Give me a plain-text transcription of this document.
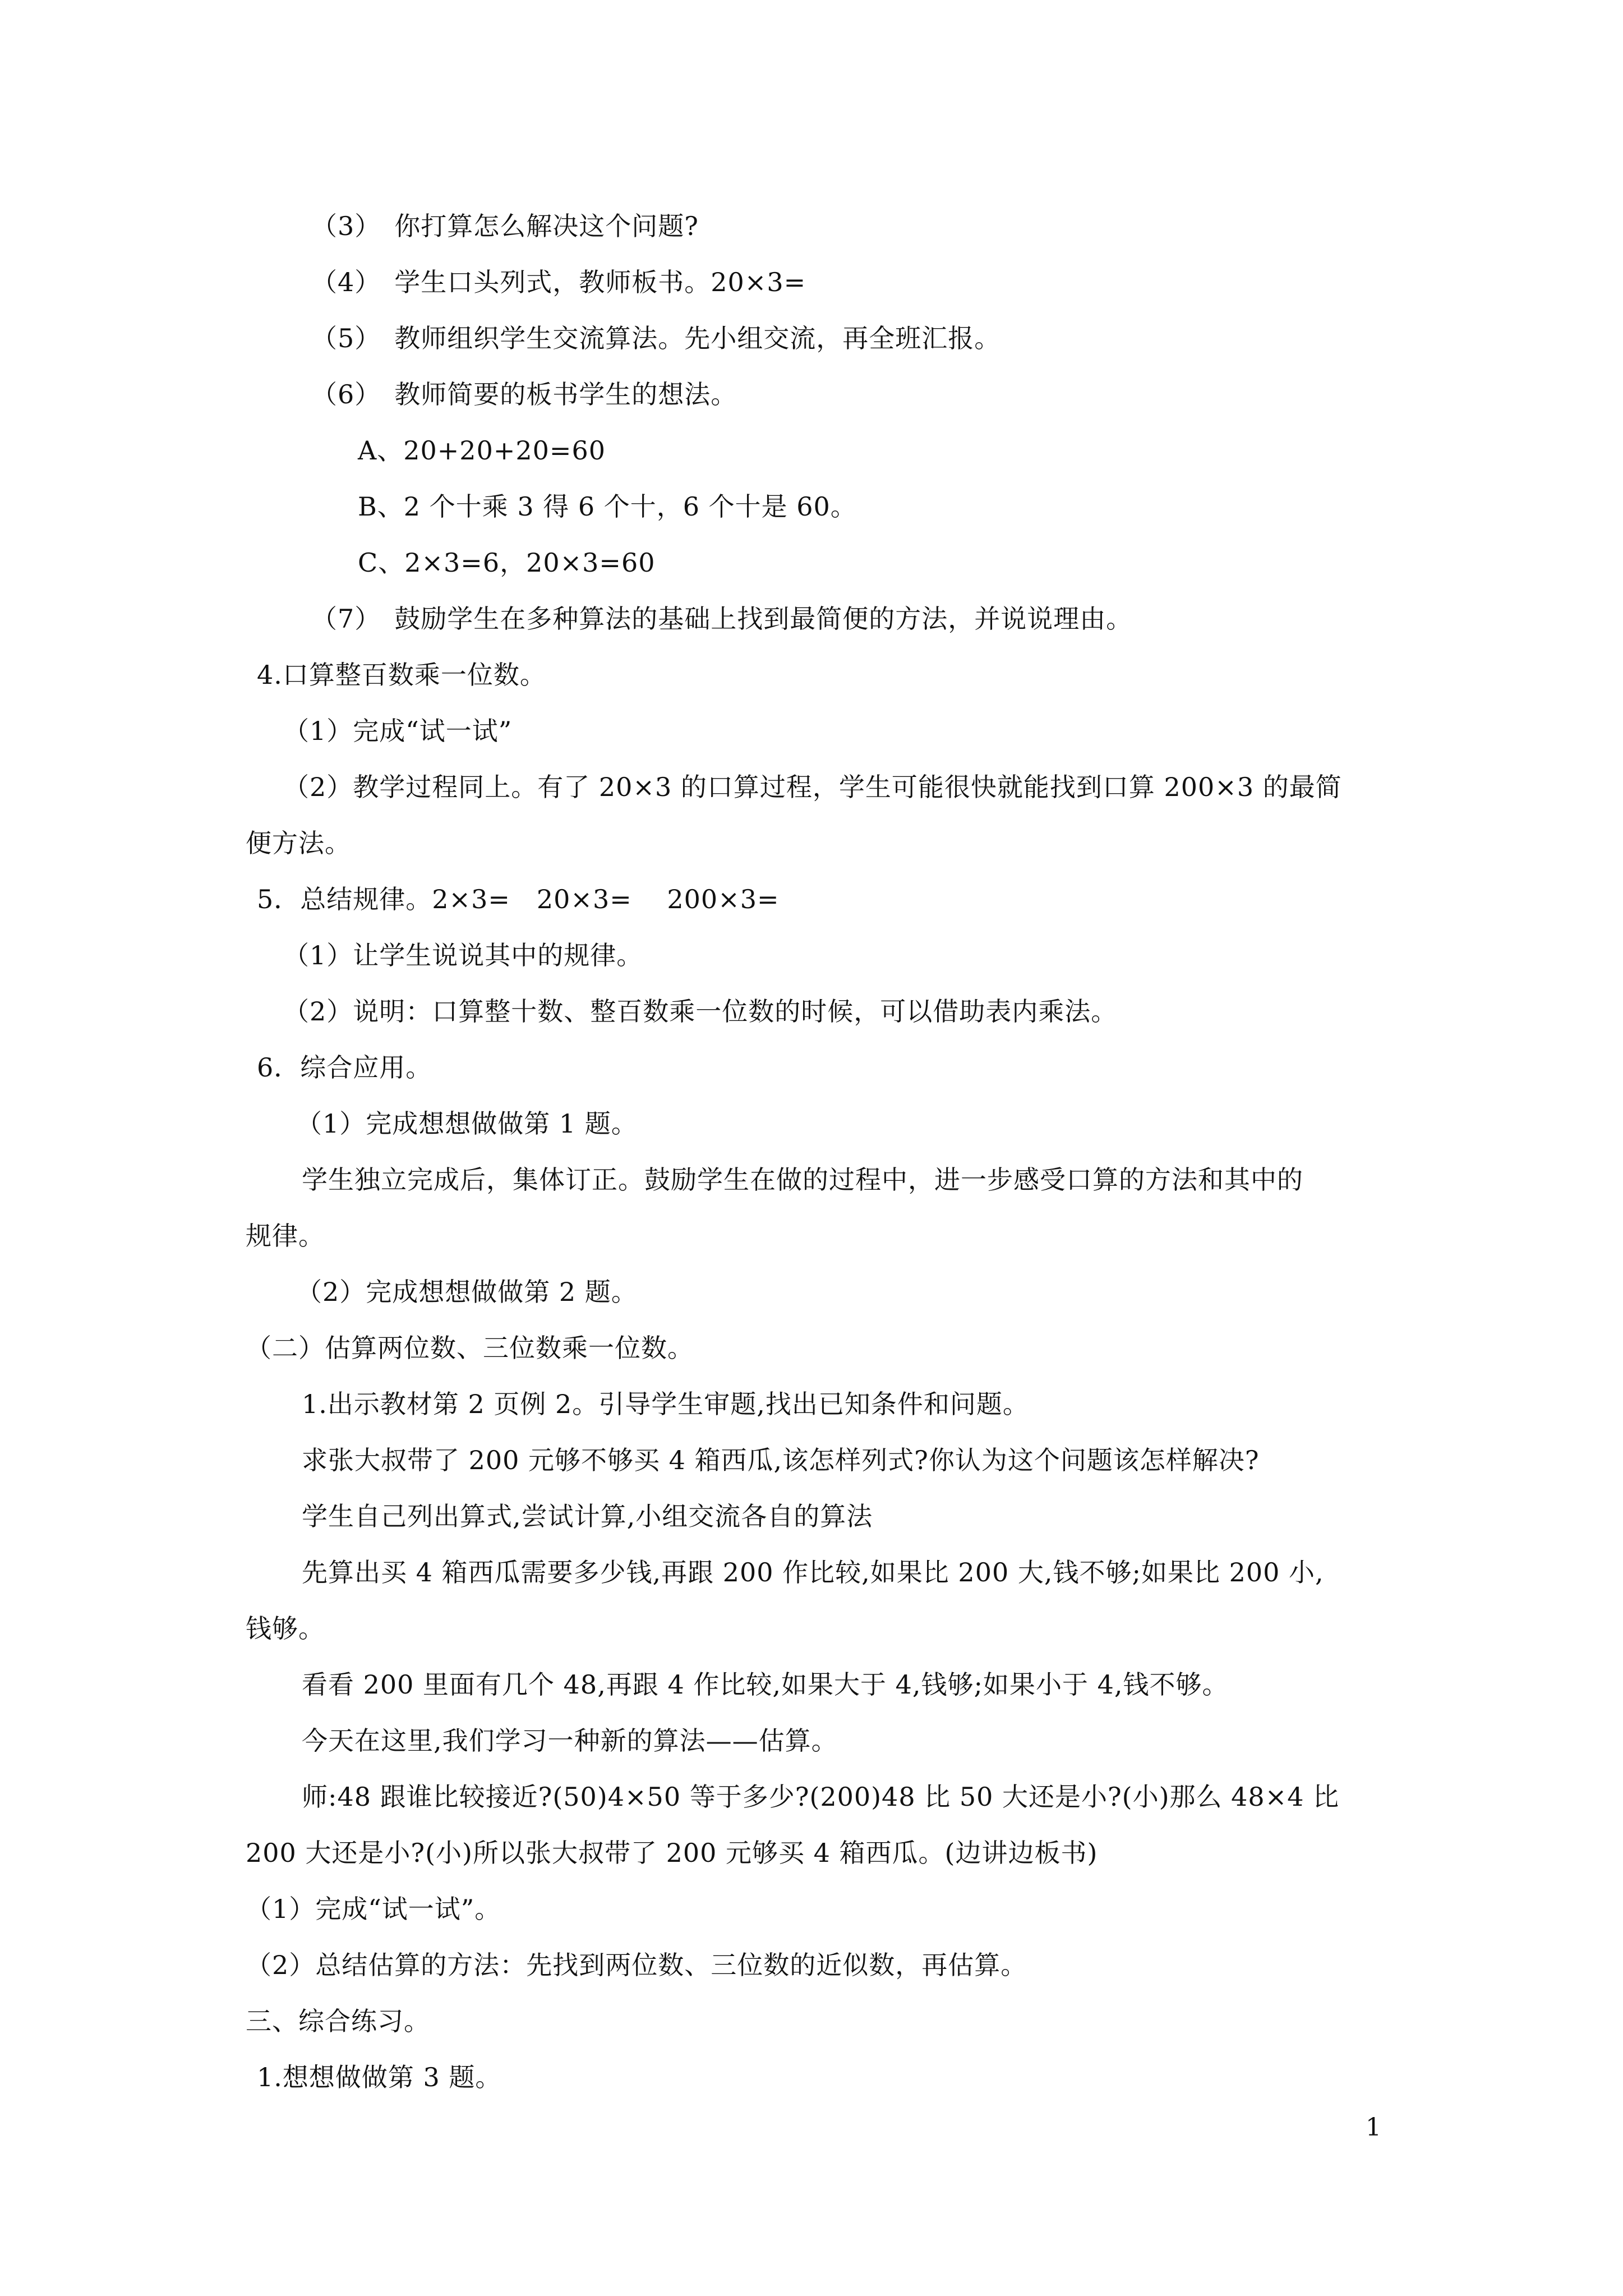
（3）　你打算怎么解决这个问题?
（4）　学生口头列式，教师板书。20×3=
（5）　教师组织学生交流算法。先小组交流，再全班汇报。
（6）　教师简要的板书学生的想法。
A、20+20+20=60
B、2 个十乘 3 得 6 个十，6 个十是 60。
C、2×3=6，20×3=60
（7）　鼓励学生在多种算法的基础上找到最简便的方法，并说说理由。
4.口算整百数乘一位数。
（1）完成“试一试”
（2）教学过程同上。有了 20×3 的口算过程，学生可能很快就能找到口算 200×3 的最简
便方法。
5．总结规律。2×3=　20×3=　 200×3=
（1）让学生说说其中的规律。
（2）说明：口算整十数、整百数乘一位数的时候，可以借助表内乘法。
6．综合应用。
（1）完成想想做做第 1 题。
学生独立完成后，集体订正。鼓励学生在做的过程中，进一步感受口算的方法和其中的
规律。
（2）完成想想做做第 2 题。
（二）估算两位数、三位数乘一位数。
1.出示教材第 2 页例 2。引导学生审题,找出已知条件和问题。
求张大叔带了 200 元够不够买 4 箱西瓜,该怎样列式?你认为这个问题该怎样解决?
学生自己列出算式,尝试计算,小组交流各自的算法
先算出买 4 箱西瓜需要多少钱,再跟 200 作比较,如果比 200 大,钱不够;如果比 200 小,
钱够。
看看 200 里面有几个 48,再跟 4 作比较,如果大于 4,钱够;如果小于 4,钱不够。
今天在这里,我们学习一种新的算法——估算。
师:48 跟谁比较接近?(50)4×50 等于多少?(200)48 比 50 大还是小?(小)那么 48×4 比
200 大还是小?(小)所以张大叔带了 200 元够买 4 箱西瓜。(边讲边板书)
（1）完成“试一试”。
（2）总结估算的方法：先找到两位数、三位数的近似数，再估算。
三、综合练习。
1.想想做做第 3 题。
1
